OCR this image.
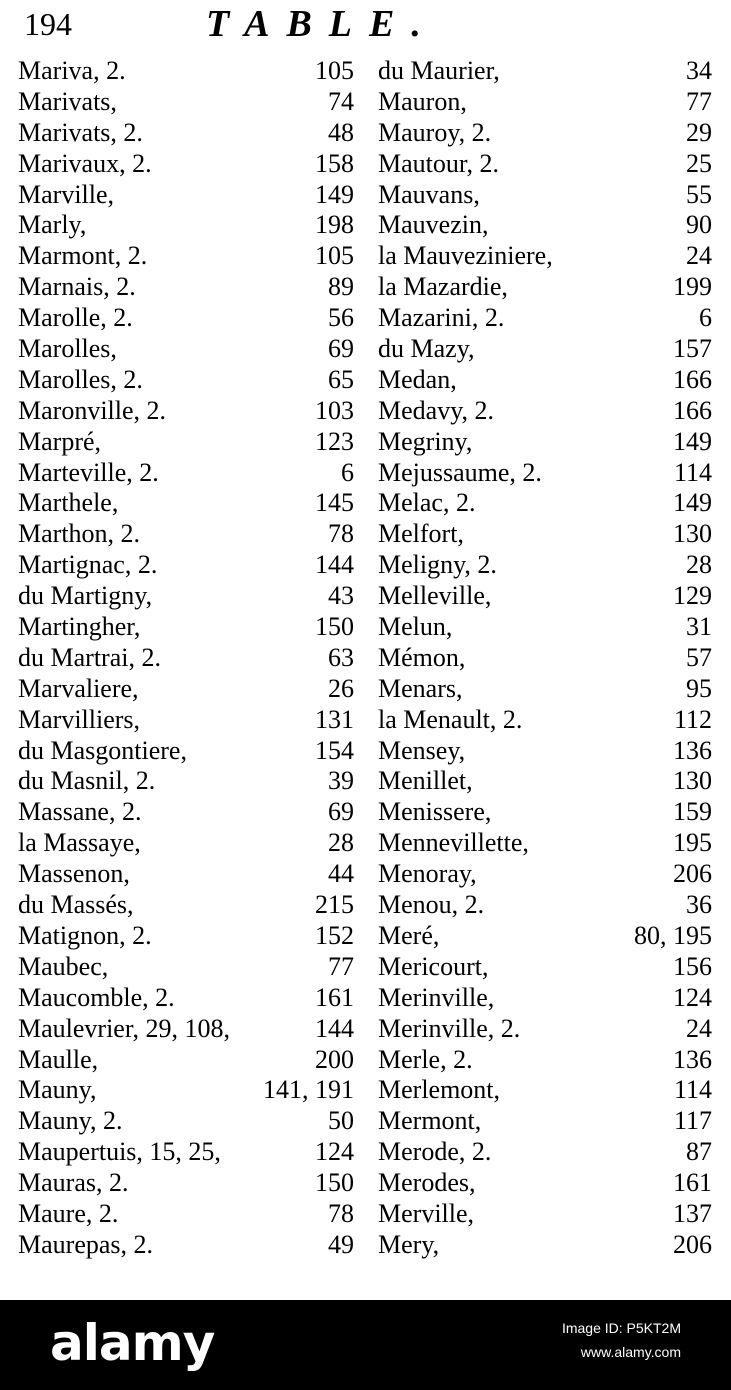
194	TABLE.
Mariva, 2.	105
Marivats,	74
Marivats, 2.	48
Marivaux, 2.	158
Marville,	149
Marly,	198
Marmont, 2.	105
Marnais, 2.	89
Marolle, 2.	56
Marolles,	69
Marolles, 2.	65
Maronville, 2.	103
Marpré,	123
Marteville, 2.	6
Marthele,	145
Marthon, 2.	78
Martignac, 2.	144
du Martigny,	43
Martingher,	150
du Martrai, 2.	63
Marvaliere,	26
Marvilliers,	131
du Masgontiere,	154
du Masnil, 2.	39
Massane, 2.	69
la Massaye,	28
Massenon,	44
du Massés,	215
Matignon, 2.	152
Maubec,	77
Maucomble, 2.	161
Maulevrier, 29, 108,	144
Maulle,	200
Mauny,	141, 191
Mauny, 2.	50
Maupertuis, 15, 25,	124
Mauras, 2.	150
Maure, 2.	78
Maurepas, 2.	49
du Maurier,	34
Mauron,	77
Mauroy, 2.	29
Mautour, 2.	25
Mauvans,	55
Mauvezin,	90
la Mauveziniere,	24
la Mazardie,	199
Mazarini, 2.	6
du Mazy,	157
Medan,	166
Medavy, 2.	166
Megriny,	149
Mejussaume, 2.	114
Melac, 2.	149
Melfort,	130
Meligny, 2.	28
Melleville,	129
Melun,	31
Mémon,	57
Menars,	95
la Menault, 2.	112
Mensey,	136
Menillet,	130
Menissere,	159
Mennevillette,	195
Menoray,	206
Menou, 2.	36
Meré,	80, 195
Mericourt,	156
Merinville,	124
Merinville, 2.	24
Merle, 2.	136
Merlemont,	114
Mermont,	117
Merode, 2.	87
Merodes,	161
Merville,	137
Mery,	206
alamy	Image ID: P5KT2M
www.alamy.com
